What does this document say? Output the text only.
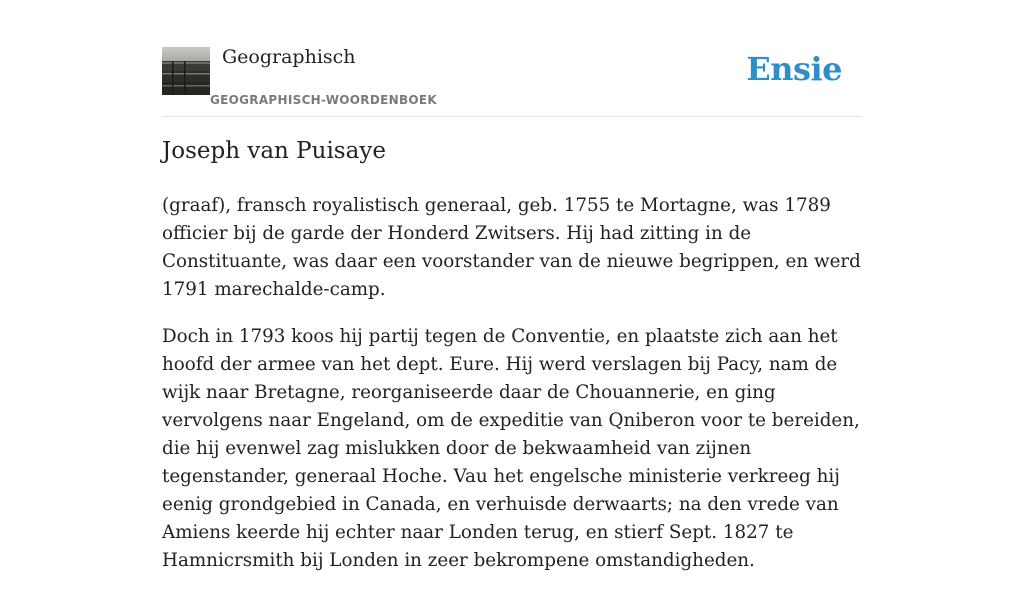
Geographisch
GEOGRAPHISCH-WOORDENBOEK
Ensie
Joseph van Puisaye

(graaf), fransch royalistisch generaal, geb. 1755 te Mortagne, was 1789 officier bij de garde der Honderd Zwitsers. Hij had zitting in de Constituante, was daar een voorstander van de nieuwe begrippen, en werd 1791 marechalde-camp.

Doch in 1793 koos hij partij tegen de Conventie, en plaatste zich aan het hoofd der armee van het dept. Eure. Hij werd verslagen bij Pacy, nam de wijk naar Bretagne, reorganiseerde daar de Chouannerie, en ging vervolgens naar Engeland, om de expeditie van Qniberon voor te bereiden, die hij evenwel zag mislukken door de bekwaamheid van zijnen tegenstander, generaal Hoche. Vau het engelsche ministerie verkreeg hij eenig grondgebied in Canada, en verhuisde derwaarts; na den vrede van Amiens keerde hij echter naar Londen terug, en stierf Sept. 1827 te Hamnicrsmith bij Londen in zeer bekrompene omstandigheden.
